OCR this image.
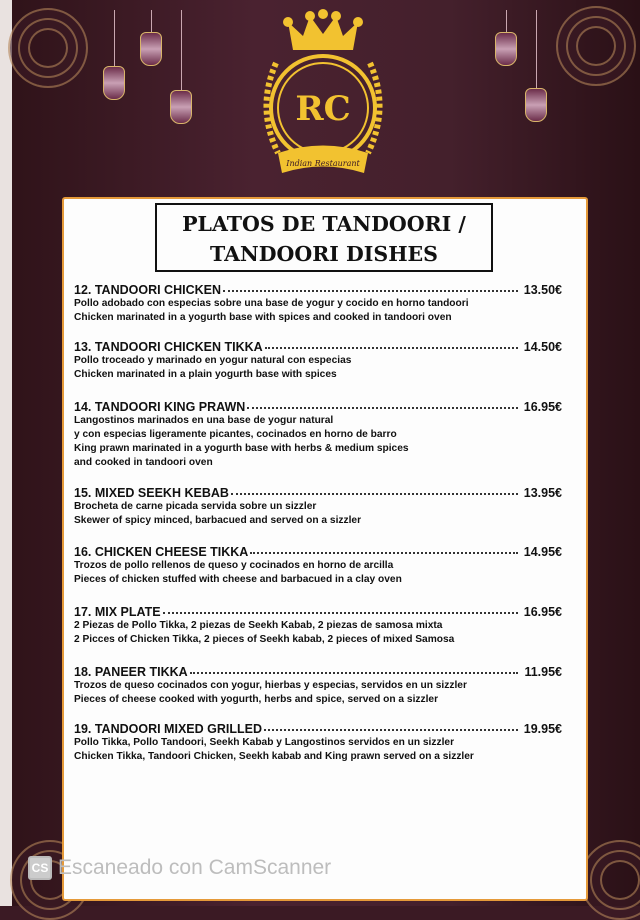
RC
Indian Restaurant
PLATOS DE TANDOORI /
TANDOORI DISHES
12. TANDOORI CHICKEN	13.50€
Pollo adobado con especias sobre una base de yogur y cocido en horno tandoori
Chicken marinated in a yogurth base with spices and cooked in tandoori oven
13. TANDOORI CHICKEN TIKKA	14.50€
Pollo troceado y marinado en yogur natural con especias
Chicken marinated in a plain yogurth base with spices
14. TANDOORI KING PRAWN	16.95€
Langostinos marinados en una base de yogur natural
y con especias ligeramente picantes, cocinados en horno de barro
King prawn marinated in a yogurth base with herbs & medium spices
and cooked in tandoori oven
15. MIXED SEEKH KEBAB	13.95€
Brocheta de carne picada servida sobre un sizzler
Skewer of spicy minced, barbacued and served on a sizzler
16. CHICKEN CHEESE TIKKA	14.95€
Trozos de pollo rellenos de queso y cocinados en horno de arcilla
Pieces of chicken stuffed with cheese and barbacued in a clay oven
17. MIX PLATE	16.95€
2 Piezas de Pollo Tikka, 2 piezas de Seekh Kabab, 2 piezas de samosa mixta
2 Picces of Chicken Tikka, 2 pieces of Seekh kabab, 2 pieces of mixed Samosa
18. PANEER TIKKA	11.95€
Trozos de queso cocinados con yogur, hierbas y especias, servidos en un sizzler
Pieces of cheese cooked with yogurth, herbs and spice, served on a sizzler
19. TANDOORI MIXED GRILLED	19.95€
Pollo Tikka, Pollo Tandoori, Seekh Kabab y Langostinos servidos en un sizzler
Chicken Tikka, Tandoori Chicken, Seekh kabab and King prawn served on a sizzler
CS Escaneado con CamScanner
